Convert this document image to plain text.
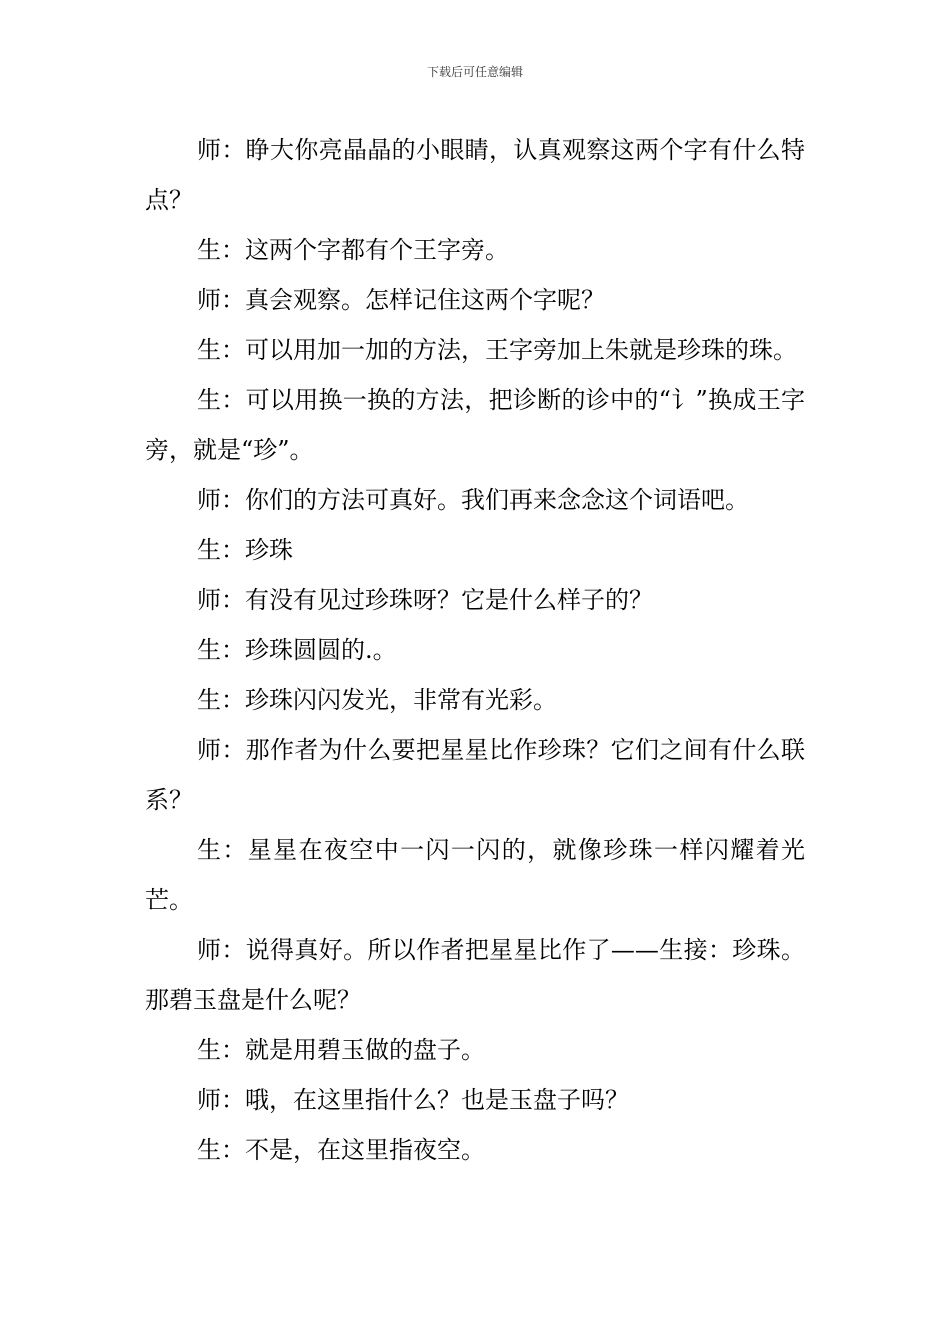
下载后可任意编辑

师：睁大你亮晶晶的小眼睛，认真观察这两个字有什么特点？

生：这两个字都有个王字旁。

师：真会观察。怎样记住这两个字呢？

生：可以用加一加的方法，王字旁加上朱就是珍珠的珠。

生：可以用换一换的方法，把诊断的诊中的“讠”换成王字旁，就是“珍”。

师：你们的方法可真好。我们再来念念这个词语吧。

生：珍珠

师：有没有见过珍珠呀？它是什么样子的？

生：珍珠圆圆的.。

生：珍珠闪闪发光，非常有光彩。

师：那作者为什么要把星星比作珍珠？它们之间有什么联系？

生：星星在夜空中一闪一闪的，就像珍珠一样闪耀着光芒。

师：说得真好。所以作者把星星比作了——生接：珍珠。那碧玉盘是什么呢？

生：就是用碧玉做的盘子。

师：哦，在这里指什么？也是玉盘子吗？

生：不是，在这里指夜空。
